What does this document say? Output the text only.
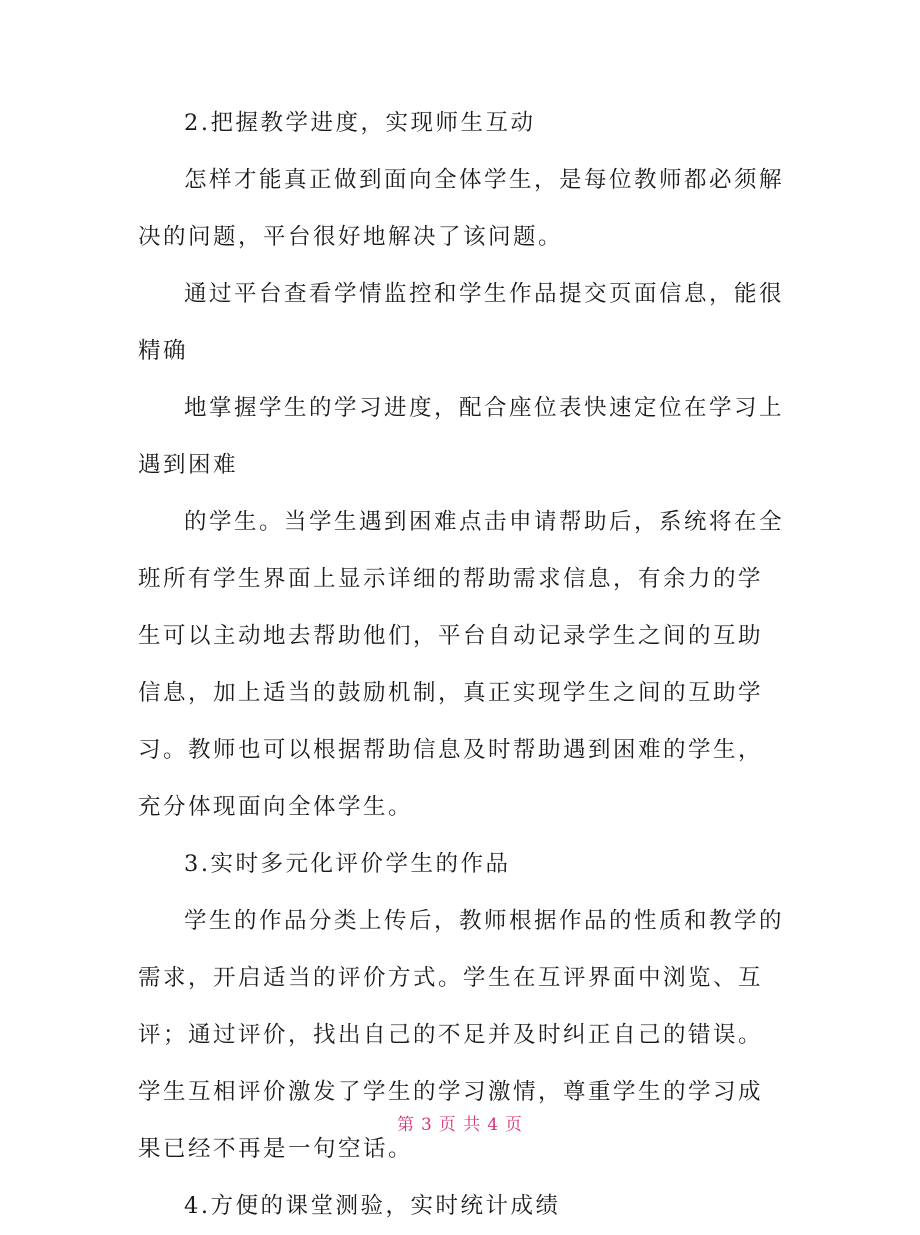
2.把握教学进度，实现师生互动

怎样才能真正做到面向全体学生，是每位教师都必须解决的问题，平台很好地解决了该问题。

通过平台查看学情监控和学生作品提交页面信息，能很精确

地掌握学生的学习进度，配合座位表快速定位在学习上遇到困难

的学生。当学生遇到困难点击申请帮助后，系统将在全班所有学生界面上显示详细的帮助需求信息，有余力的学生可以主动地去帮助他们，平台自动记录学生之间的互助信息，加上适当的鼓励机制，真正实现学生之间的互助学习。教师也可以根据帮助信息及时帮助遇到困难的学生，充分体现面向全体学生。

3.实时多元化评价学生的作品

学生的作品分类上传后，教师根据作品的性质和教学的需求，开启适当的评价方式。学生在互评界面中浏览、互评；通过评价，找出自己的不足并及时纠正自己的错误。学生互相评价激发了学生的学习激情，尊重学生的学习成果已经不再是一句空话。

4.方便的课堂测验，实时统计成绩

第 3 页 共 4 页
